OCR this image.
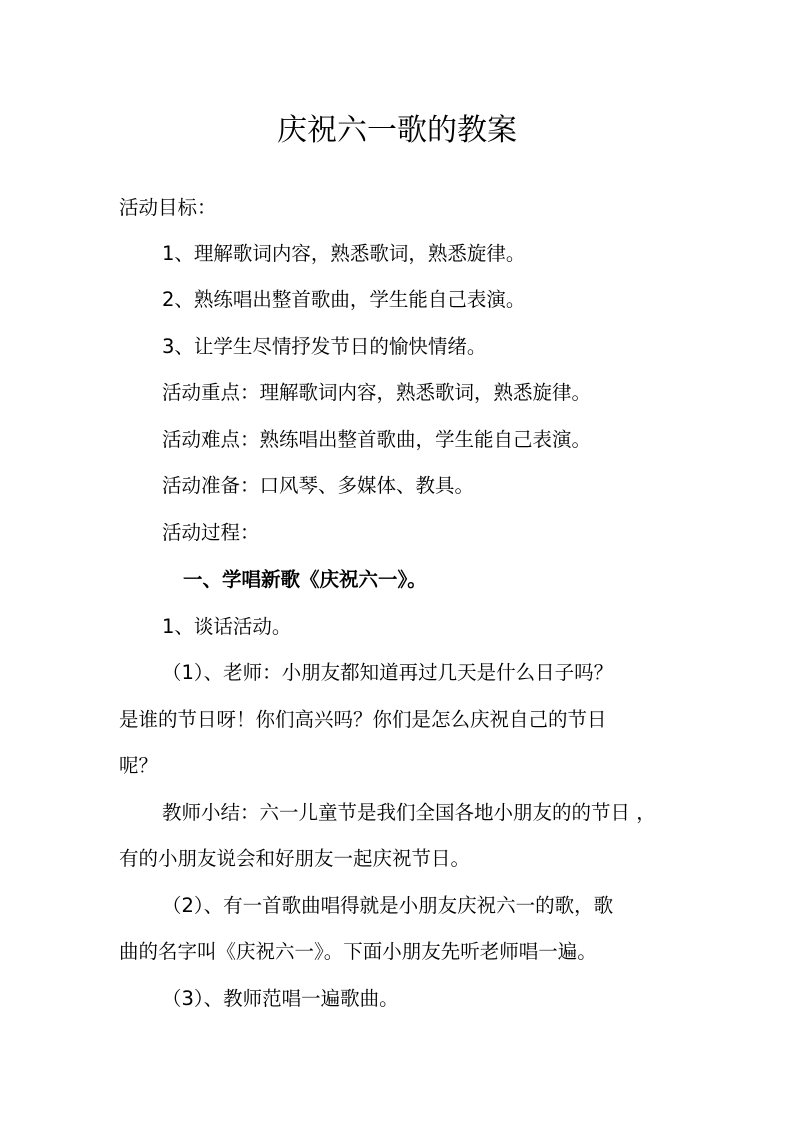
庆祝六一歌的教案
活动目标：
1、理解歌词内容，熟悉歌词，熟悉旋律。
2、熟练唱出整首歌曲，学生能自己表演。
3、让学生尽情抒发节日的愉快情绪。
活动重点：理解歌词内容，熟悉歌词，熟悉旋律。
活动难点：熟练唱出整首歌曲，学生能自己表演。
活动准备：口风琴、多媒体、教具。
活动过程：
一、学唱新歌《庆祝六一》。
1、谈话活动。
（1）、老师：小朋友都知道再过几天是什么日子吗？
是谁的节日呀！你们高兴吗？你们是怎么庆祝自己的节日
呢？
教师小结：六一儿童节是我们全国各地小朋友的的节日 ，
有的小朋友说会和好朋友一起庆祝节日。
（2）、有一首歌曲唱得就是小朋友庆祝六一的歌，歌
曲的名字叫《庆祝六一》。下面小朋友先听老师唱一遍。
（3）、教师范唱一遍歌曲。
